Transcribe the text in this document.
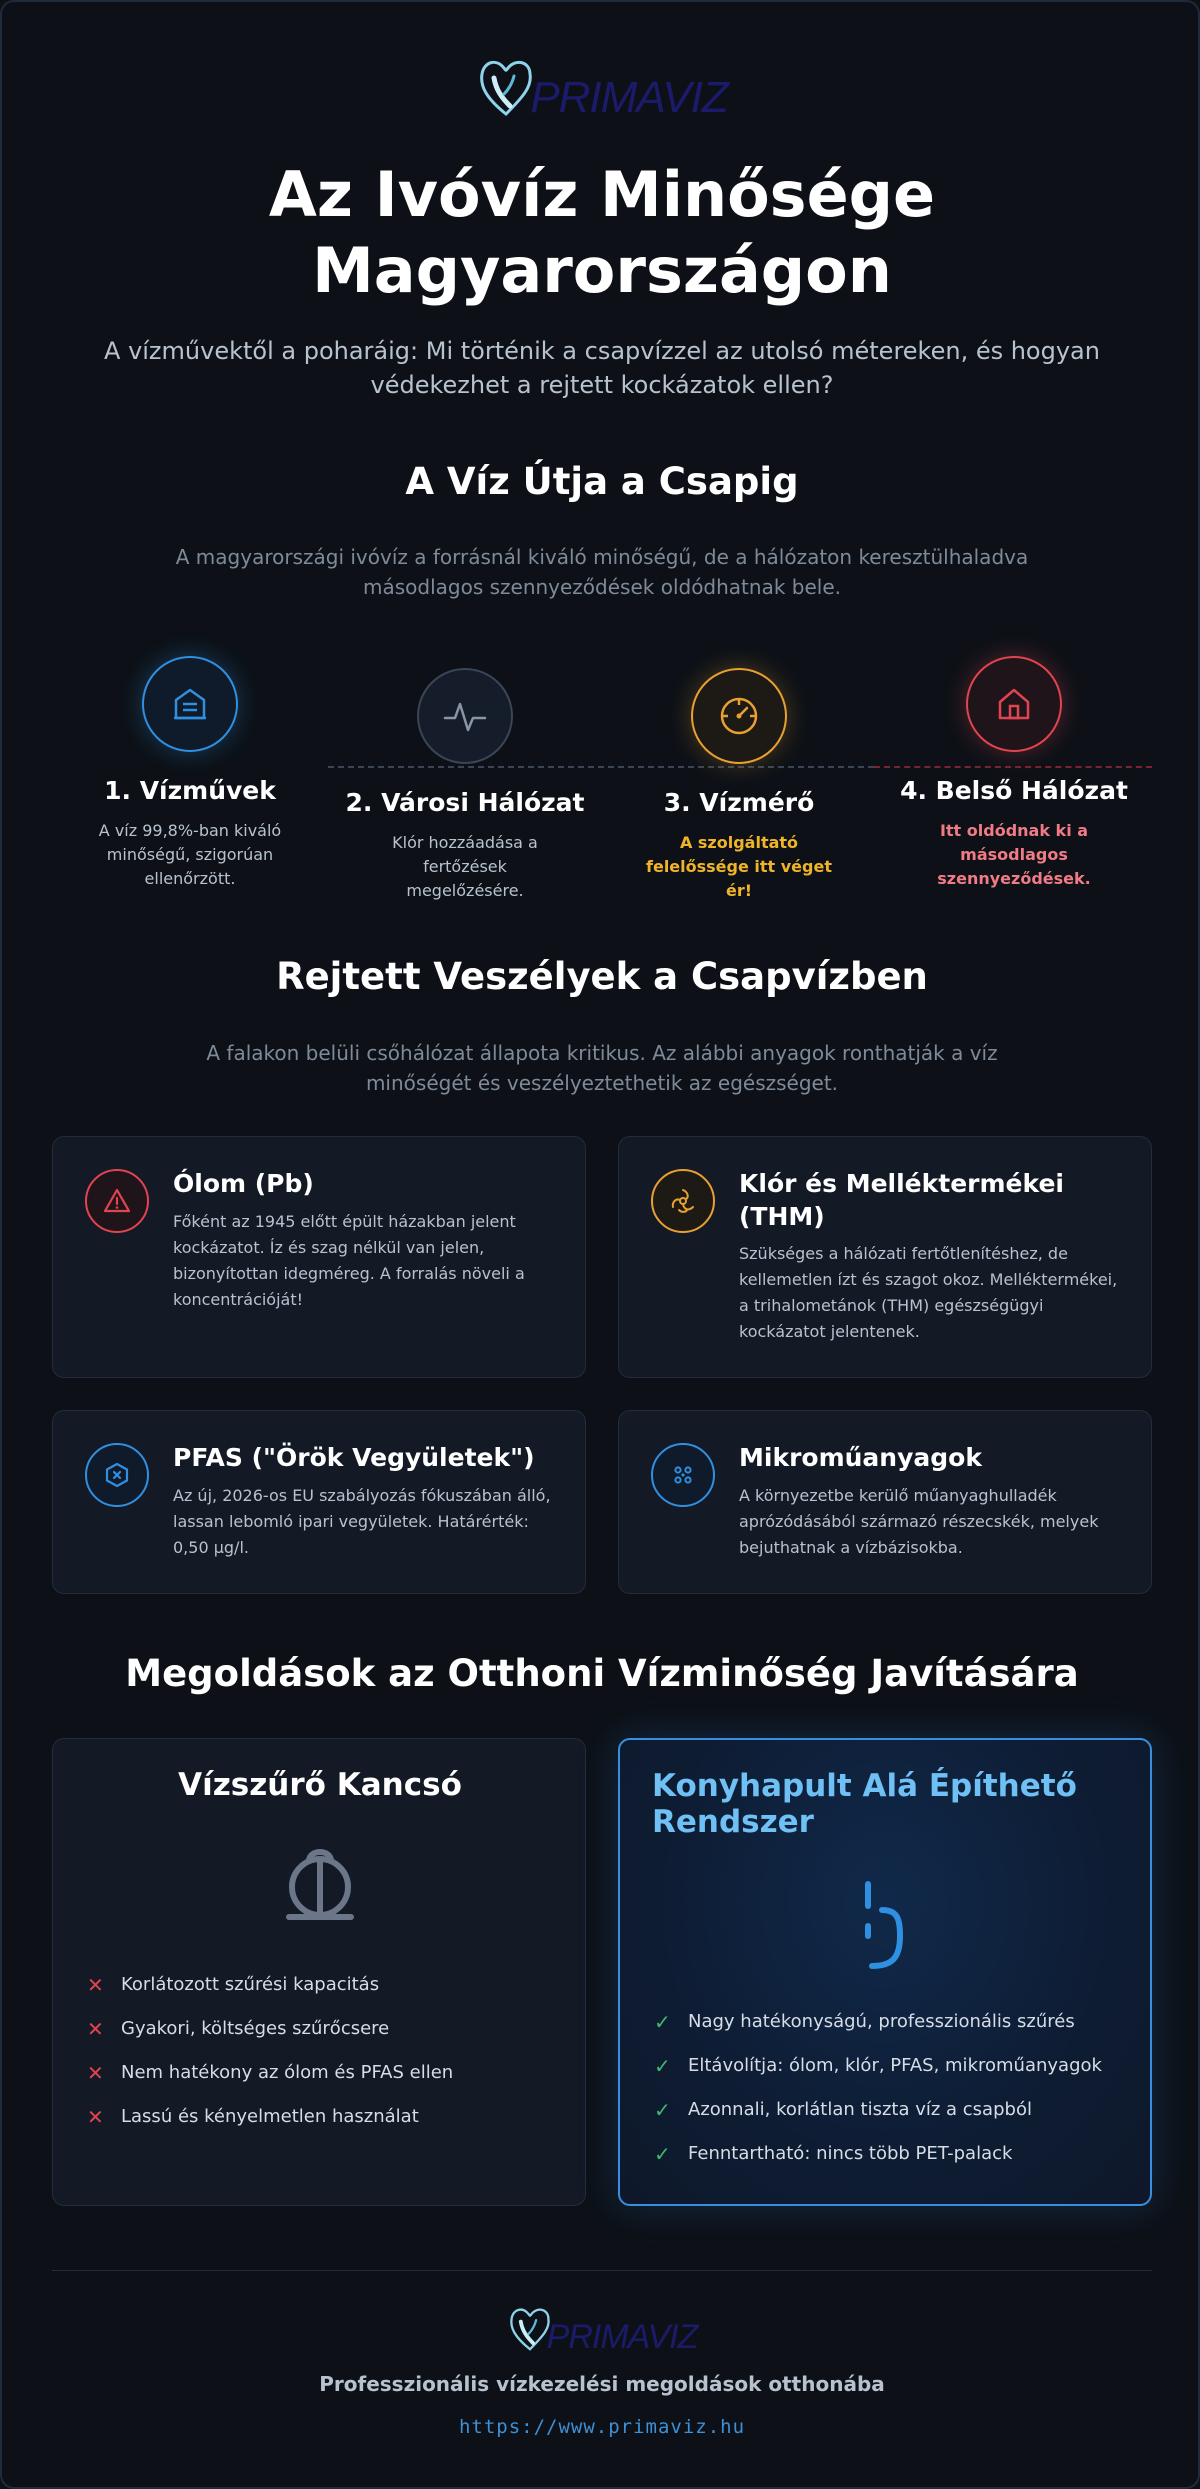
PRIMAVIZ
Az Ivóvíz Minősége
Magyarországon
A vízművektől a poharáig: Mi történik a csapvízzel az utolsó métereken, és hogyan védekezhet a rejtett kockázatok ellen?
A Víz Útja a Csapig
A magyarországi ivóvíz a forrásnál kiváló minőségű, de a hálózaton keresztülhaladva másodlagos szennyeződések oldódhatnak bele.
1. Vízművek
A víz 99,8%-ban kiváló minőségű, szigorúan ellenőrzött.
2. Városi Hálózat
Klór hozzáadása a fertőzések megelőzésére.
3. Vízmérő
A szolgáltató felelőssége itt véget ér!
4. Belső Hálózat
Itt oldódnak ki a másodlagos szennyeződések.
Rejtett Veszélyek a Csapvízben
A falakon belüli csőhálózat állapota kritikus. Az alábbi anyagok ronthatják a víz minőségét és veszélyeztethetik az egészséget.
Ólom (Pb)
Főként az 1945 előtt épült házakban jelent kockázatot. Íz és szag nélkül van jelen, bizonyítottan idegméreg. A forralás növeli a koncentrációját!
Klór és Melléktermékei (THM)
Szükséges a hálózati fertőtlenítéshez, de kellemetlen ízt és szagot okoz. Melléktermékei, a trihalometánok (THM) egészségügyi kockázatot jelentenek.
PFAS ("Örök Vegyületek")
Az új, 2026-os EU szabályozás fókuszában álló, lassan lebomló ipari vegyületek. Határérték: 0,50 µg/l.
Mikroműanyagok
A környezetbe kerülő műanyaghulladék aprózódásából származó részecskék, melyek bejuthatnak a vízbázisokba.
Megoldások az Otthoni Vízminőség Javítására
Vízszűrő Kancsó
✕ Korlátozott szűrési kapacitás
✕ Gyakori, költséges szűrőcsere
✕ Nem hatékony az ólom és PFAS ellen
✕ Lassú és kényelmetlen használat
Konyhapult Alá Építhető Rendszer
✓ Nagy hatékonyságú, professzionális szűrés
✓ Eltávolítja: ólom, klór, PFAS, mikroműanyagok
✓ Azonnali, korlátlan tiszta víz a csapból
✓ Fenntartható: nincs több PET-palack
PRIMAVIZ
Professzionális vízkezelési megoldások otthonába
https://www.primaviz.hu
